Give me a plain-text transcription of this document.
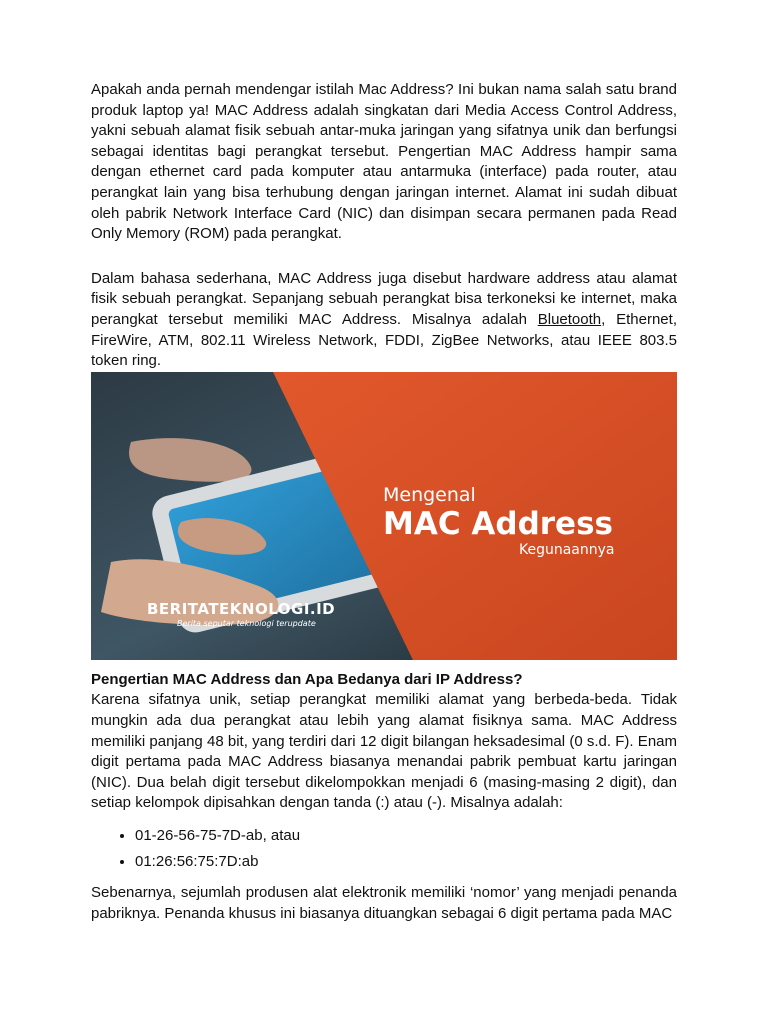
Apakah anda pernah mendengar istilah Mac Address? Ini bukan nama salah satu brand produk laptop ya! MAC Address adalah singkatan dari Media Access Control Address, yakni sebuah alamat fisik sebuah antar-muka jaringan yang sifatnya unik dan berfungsi sebagai identitas bagi perangkat tersebut. Pengertian MAC Address hampir sama dengan ethernet card pada komputer atau antarmuka (interface) pada router, atau perangkat lain yang bisa terhubung dengan jaringan internet. Alamat ini sudah dibuat oleh pabrik Network Interface Card (NIC) dan disimpan secara permanen pada Read Only Memory (ROM) pada perangkat.

Dalam bahasa sederhana, MAC Address juga disebut hardware address atau alamat fisik sebuah perangkat. Sepanjang sebuah perangkat bisa terkoneksi ke internet, maka perangkat tersebut memiliki MAC Address. Misalnya adalah Bluetooth, Ethernet, FireWire, ATM, 802.11 Wireless Network, FDDI, ZigBee Networks, atau IEEE 803.5 token ring.

BERITATEKNOLOGI.ID
Berita seputar teknologi terupdate
Mengenal
MAC Address
Kegunaannya
Pengertian MAC Address dan Apa Bedanya dari IP Address?

Karena sifatnya unik, setiap perangkat memiliki alamat yang berbeda-beda. Tidak mungkin ada dua perangkat atau lebih yang alamat fisiknya sama. MAC Address memiliki panjang 48 bit, yang terdiri dari 12 digit bilangan heksadesimal (0 s.d. F). Enam digit pertama pada MAC Address biasanya menandai pabrik pembuat kartu jaringan (NIC). Dua belah digit tersebut dikelompokkan menjadi 6 (masing-masing 2 digit), dan setiap kelompok dipisahkan dengan tanda (:) atau (-). Misalnya adalah:

• 01-26-56-75-7D-ab, atau
• 01:26:56:75:7D:ab

Sebenarnya, sejumlah produsen alat elektronik memiliki ‘nomor’ yang menjadi penanda pabriknya. Penanda khusus ini biasanya dituangkan sebagai 6 digit pertama pada MAC
